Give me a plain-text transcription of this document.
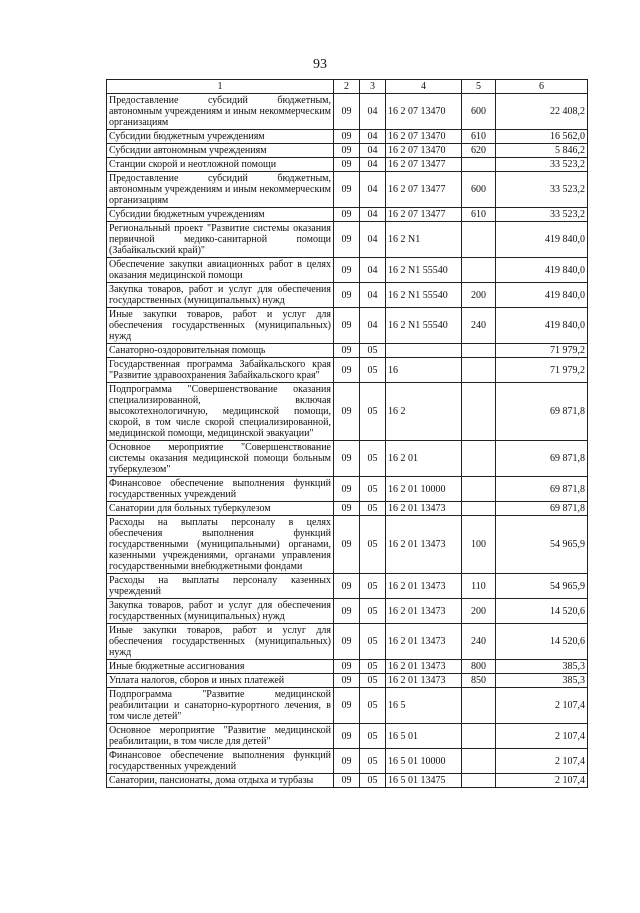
93
1	2	3	4	5	6
Предоставление субсидий бюджетным, автономным учреждениям и иным некоммерческим организациям	09	04	16 2 07 13470	600	22 408,2
Субсидии бюджетным учреждениям	09	04	16 2 07 13470	610	16 562,0
Субсидии автономным учреждениям	09	04	16 2 07 13470	620	5 846,2
Станции скорой и неотложной помощи	09	04	16 2 07 13477		33 523,2
Предоставление субсидий бюджетным, автономным учреждениям и иным некоммерческим организациям	09	04	16 2 07 13477	600	33 523,2
Субсидии бюджетным учреждениям	09	04	16 2 07 13477	610	33 523,2
Региональный проект "Развитие системы оказания первичной медико-санитарной помощи (Забайкальский край)"	09	04	16 2 N1		419 840,0
Обеспечение закупки авиационных работ в целях оказания медицинской помощи	09	04	16 2 N1 55540		419 840,0
Закупка товаров, работ и услуг для обеспечения государственных (муниципальных) нужд	09	04	16 2 N1 55540	200	419 840,0
Иные закупки товаров, работ и услуг для обеспечения государственных (муниципальных) нужд	09	04	16 2 N1 55540	240	419 840,0
Санаторно-оздоровительная помощь	09	05			71 979,2
Государственная программа Забайкальского края "Развитие здравоохранения Забайкальского края"	09	05	16		71 979,2
Подпрограмма "Совершенствование оказания специализированной, включая высокотехнологичную, медицинской помощи, скорой, в том числе скорой специализированной, медицинской помощи, медицинской эвакуации"	09	05	16 2		69 871,8
Основное мероприятие "Совершенствование системы оказания медицинской помощи больным туберкулезом"	09	05	16 2 01		69 871,8
Финансовое обеспечение выполнения функций государственных учреждений	09	05	16 2 01 10000		69 871,8
Санатории для больных туберкулезом	09	05	16 2 01 13473		69 871,8
Расходы на выплаты персоналу в целях обеспечения выполнения функций государственными (муниципальными) органами, казенными учреждениями, органами управления государственными внебюджетными фондами	09	05	16 2 01 13473	100	54 965,9
Расходы на выплаты персоналу казенных учреждений	09	05	16 2 01 13473	110	54 965,9
Закупка товаров, работ и услуг для обеспечения государственных (муниципальных) нужд	09	05	16 2 01 13473	200	14 520,6
Иные закупки товаров, работ и услуг для обеспечения государственных (муниципальных) нужд	09	05	16 2 01 13473	240	14 520,6
Иные бюджетные ассигнования	09	05	16 2 01 13473	800	385,3
Уплата налогов, сборов и иных платежей	09	05	16 2 01 13473	850	385,3
Подпрограмма "Развитие медицинской реабилитации и санаторно-курортного лечения, в том числе детей"	09	05	16 5		2 107,4
Основное мероприятие "Развитие медицинской реабилитации, в том числе для детей"	09	05	16 5 01		2 107,4
Финансовое обеспечение выполнения функций государственных учреждений	09	05	16 5 01 10000		2 107,4
Санатории, пансионаты, дома отдыха и турбазы	09	05	16 5 01 13475		2 107,4
